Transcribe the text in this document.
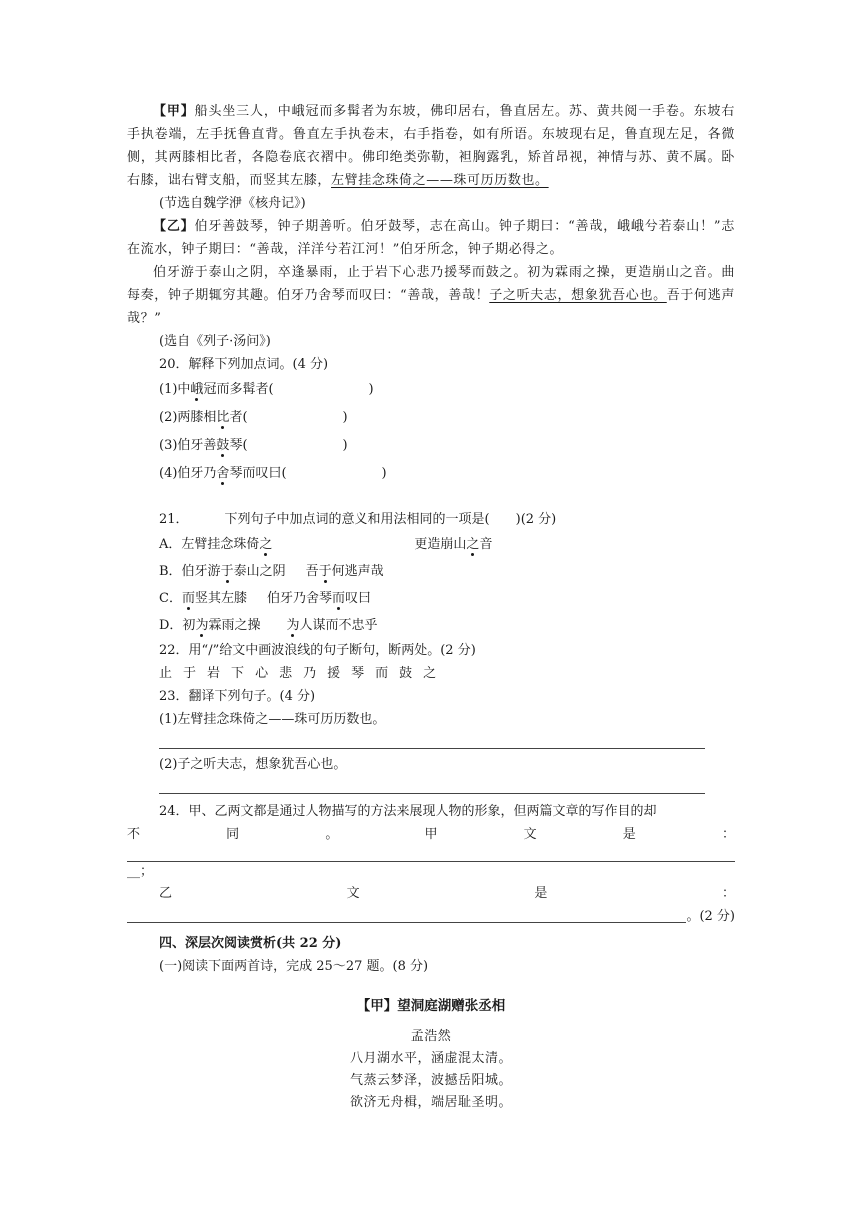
【甲】船头坐三人，中峨冠而多髯者为东坡，佛印居右，鲁直居左。苏、黄共阅一手卷。东坡右手执卷端，左手抚鲁直背。鲁直左手执卷末，右手指卷，如有所语。东坡现右足，鲁直现左足，各微侧，其两膝相比者，各隐卷底衣褶中。佛印绝类弥勒，袒胸露乳，矫首昂视，神情与苏、黄不属。卧右膝，诎右臂支船，而竖其左膝，左臂挂念珠倚之——珠可历历数也。

(节选自魏学洢《核舟记》)

【乙】伯牙善鼓琴，钟子期善听。伯牙鼓琴，志在高山。钟子期曰：“善哉，峨峨兮若泰山！”志在流水，钟子期曰：“善哉，洋洋兮若江河！”伯牙所念，钟子期必得之。

伯牙游于泰山之阴，卒逢暴雨，止于岩下心悲乃援琴而鼓之。初为霖雨之操，更造崩山之音。曲每奏，钟子期辄穷其趣。伯牙乃舍琴而叹曰：“善哉，善哉！子之听夫志，想象犹吾心也。吾于何逃声哉？”

(选自《列子·汤问》)

20．解释下列加点词。(4 分)

(1)中峨冠而多髯者(	)

(2)两膝相比者(	)

(3)伯牙善鼓琴(	)

(4)伯牙乃舍琴而叹曰(	)

21．	下列句子中加点词的意义和用法相同的一项是(　　)(2 分)

A．左臂挂念珠倚之	更造崩山之音

B．伯牙游于泰山之阴 吾于何逃声哉

C．而竖其左膝 伯牙乃舍琴而叹曰

D．初为霖雨之操 为人谋而不忠乎

22．用“/”给文中画波浪线的句子断句，断两处。(2 分)

止 于 岩 下 心 悲 乃 援 琴 而 鼓 之

23．翻译下列句子。(4 分)

(1)左臂挂念珠倚之——珠可历历数也。

(2)子之听夫志，想象犹吾心也。

24．甲、乙两文都是通过人物描写的方法来展现人物的形象，但两篇文章的写作目的却

不	同	。	甲	文	是	：

__；

乙	文	是	：
。(2 分)

四、深层次阅读赏析(共 22 分)

(一)阅读下面两首诗，完成 25～27 题。(8 分)

【甲】望洞庭湖赠张丞相

孟浩然

八月湖水平，涵虚混太清。

气蒸云梦泽，波撼岳阳城。

欲济无舟楫，端居耻圣明。
